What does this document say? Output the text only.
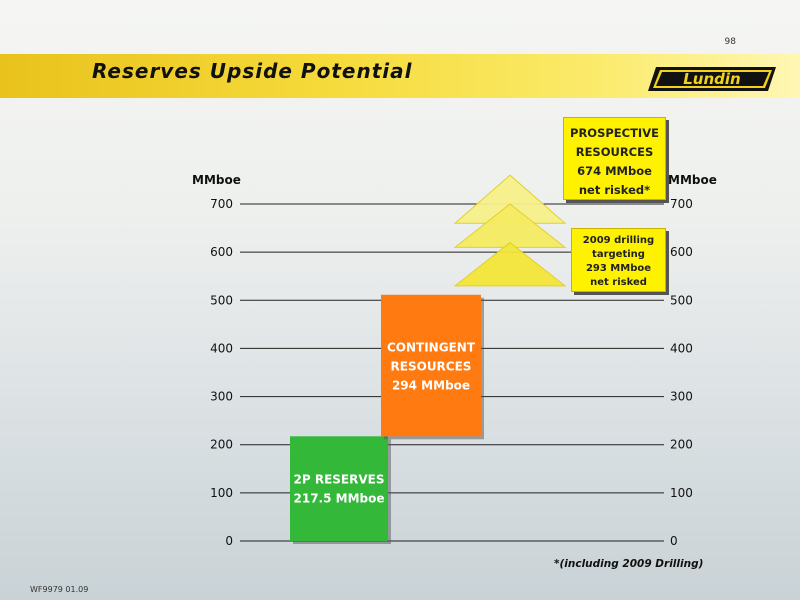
98
Reserves Upside Potential	Lundin
MMboe	MMboe
0
100
200
300
400
500
600
700
0
100
200
300
400
500
600
700
2P RESERVES
217.5 MMboe
CONTINGENT
RESOURCES
294 MMboe
PROSPECTIVE
RESOURCES
674 MMboe
net risked*
2009 drilling
targeting
293 MMboe
net risked
*(including 2009 Drilling)
WF9979 01.09
